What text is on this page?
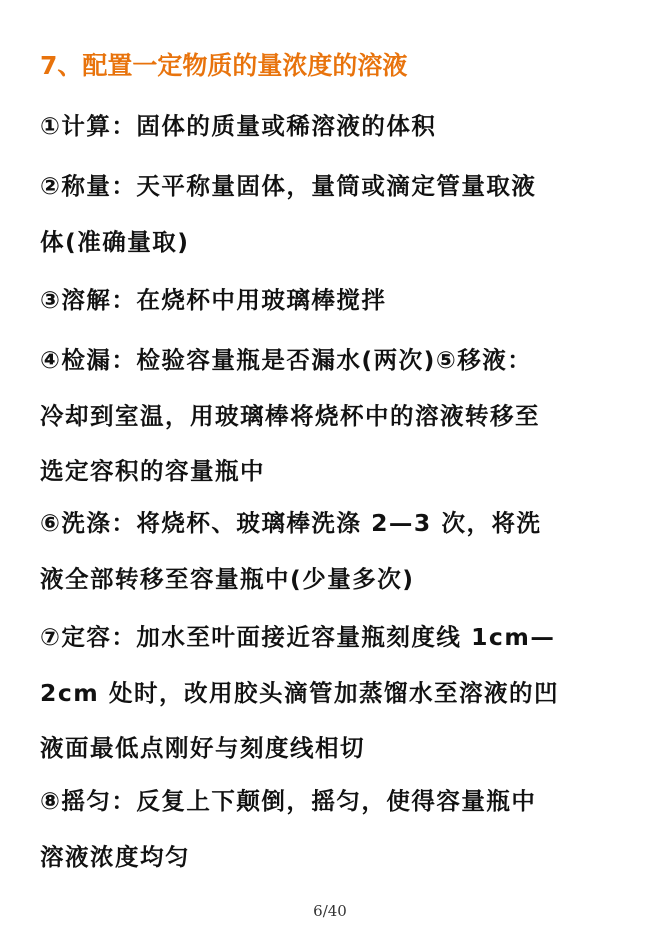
7、配置一定物质的量浓度的溶液

①计算：固体的质量或稀溶液的体积

②称量：天平称量固体，量筒或滴定管量取液

体(准确量取)

③溶解：在烧杯中用玻璃棒搅拌

④检漏：检验容量瓶是否漏水(两次)⑤移液：

冷却到室温，用玻璃棒将烧杯中的溶液转移至

选定容积的容量瓶中

⑥洗涤：将烧杯、玻璃棒洗涤 2—3 次，将洗

液全部转移至容量瓶中(少量多次)

⑦定容：加水至叶面接近容量瓶刻度线 1cm—

2cm 处时，改用胶头滴管加蒸馏水至溶液的凹

液面最低点刚好与刻度线相切

⑧摇匀：反复上下颠倒，摇匀，使得容量瓶中

溶液浓度均匀

6/40
